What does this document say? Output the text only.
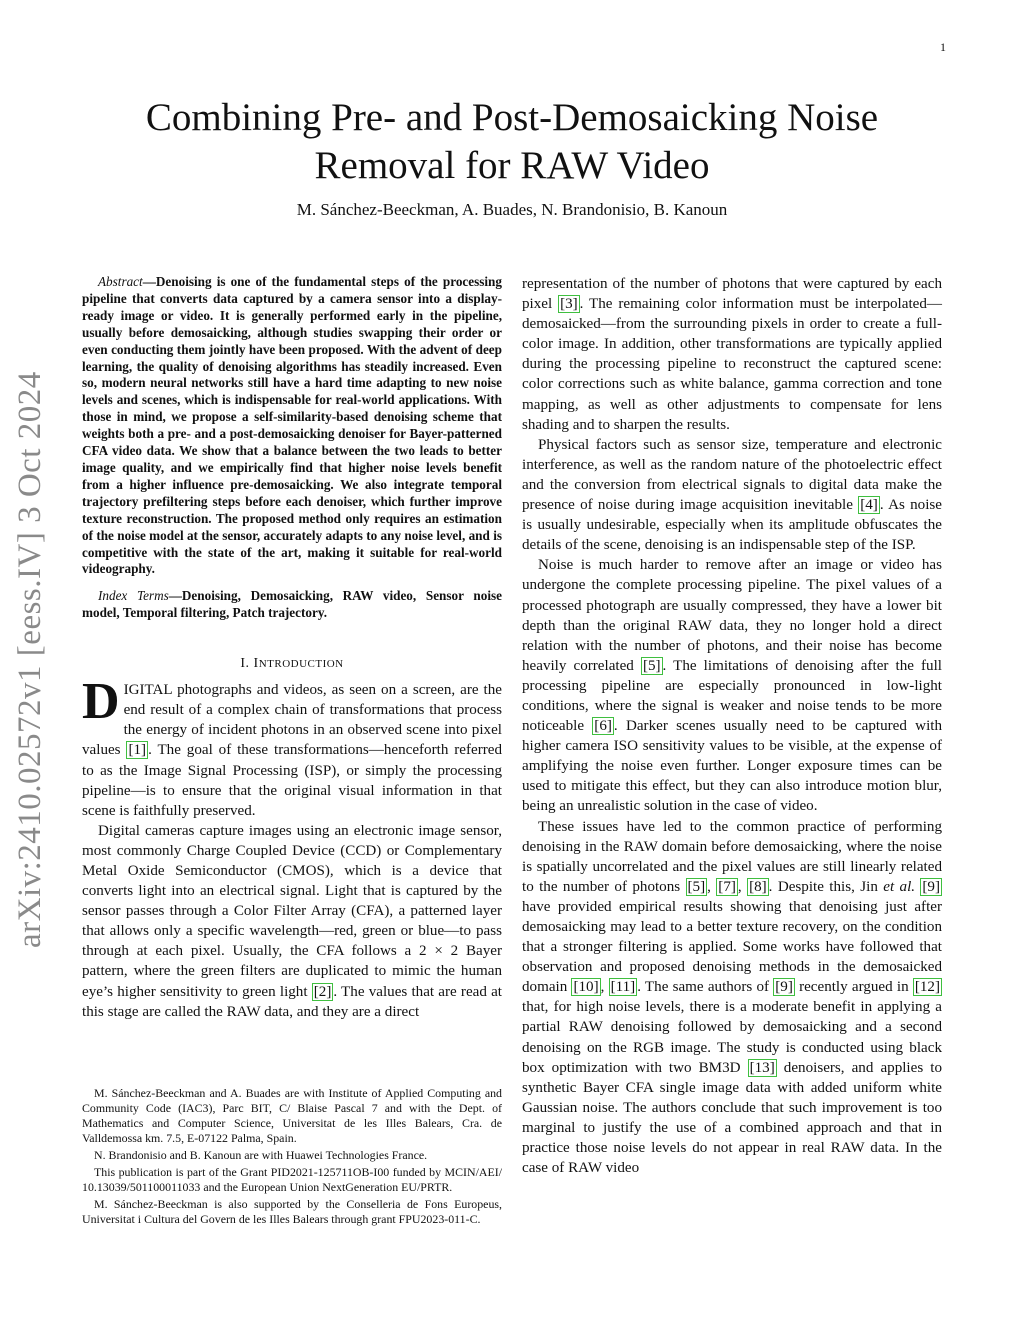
1
arXiv:2410.02572v1 [eess.IV] 3 Oct 2024
Combining Pre- and Post-Demosaicking Noise
Removal for RAW Video
M. Sánchez-Beeckman, A. Buades, N. Brandonisio, B. Kanoun

Abstract—Denoising is one of the fundamental steps of the processing pipeline that converts data captured by a camera sensor into a display-ready image or video. It is generally performed early in the pipeline, usually before demosaicking, although studies swapping their order or even conducting them jointly have been proposed. With the advent of deep learning, the quality of denoising algorithms has steadily increased. Even so, modern neural networks still have a hard time adapting to new noise levels and scenes, which is indispensable for real-world applications. With those in mind, we propose a self-similarity-based denoising scheme that weights both a pre- and a post-demosaicking denoiser for Bayer-patterned CFA video data. We show that a balance between the two leads to better image quality, and we empirically find that higher noise levels benefit from a higher influence pre-demosaicking. We also integrate temporal trajectory prefiltering steps before each denoiser, which further improve texture reconstruction. The proposed method only requires an estimation of the noise model at the sensor, accurately adapts to any noise level, and is competitive with the state of the art, making it suitable for real-world videography.

Index Terms—Denoising, Demosaicking, RAW video, Sensor noise model, Temporal filtering, Patch trajectory.

I. INTRODUCTION

DIGITAL photographs and videos, as seen on a screen, are the end result of a complex chain of transformations that process the energy of incident photons in an observed scene into pixel values [1] . The goal of these transformations—henceforth referred to as the Image Signal Processing (ISP), or simply the processing pipeline—is to ensure that the original visual information in that scene is faithfully preserved.

Digital cameras capture images using an electronic image sensor, most commonly Charge Coupled Device (CCD) or Complementary Metal Oxide Semiconductor (CMOS), which is a device that converts light into an electrical signal. Light that is captured by the sensor passes through a Color Filter Array (CFA), a patterned layer that allows only a specific wavelength—red, green or blue—to pass through at each pixel. Usually, the CFA follows a 2 × 2 Bayer pattern, where the green filters are duplicated to mimic the human eye’s higher sensitivity to green light [2] . The values that are read at this stage are called the RAW data, and they are a direct

M. Sánchez-Beeckman and A. Buades are with Institute of Applied Computing and Community Code (IAC3), Parc BIT, C/ Blaise Pascal 7 and with the Dept. of Mathematics and Computer Science, Universitat de les Illes Balears, Cra. de Valldemossa km. 7.5, E-07122 Palma, Spain.

N. Brandonisio and B. Kanoun are with Huawei Technologies France.

This publication is part of the Grant PID2021-125711OB-I00 funded by MCIN/AEI/ 10.13039/501100011033 and the European Union NextGeneration EU/PRTR.

M. Sánchez-Beeckman is also supported by the Conselleria de Fons Europeus, Universitat i Cultura del Govern de les Illes Balears through grant FPU2023-011-C.

representation of the number of photons that were captured by each pixel [3] . The remaining color information must be interpolated—demosaicked—from the surrounding pixels in order to create a full-color image. In addition, other transformations are typically applied during the processing pipeline to reconstruct the captured scene: color corrections such as white balance, gamma correction and tone mapping, as well as other adjustments to compensate for lens shading and to sharpen the results.

Physical factors such as sensor size, temperature and electronic interference, as well as the random nature of the photoelectric effect and the conversion from electrical signals to digital data make the presence of noise during image acquisition inevitable [4] . As noise is usually undesirable, especially when its amplitude obfuscates the details of the scene, denoising is an indispensable step of the ISP.

Noise is much harder to remove after an image or video has undergone the complete processing pipeline. The pixel values of a processed photograph are usually compressed, they have a lower bit depth than the original RAW data, they no longer hold a direct relation with the number of photons, and their noise has become heavily correlated [5] . The limitations of denoising after the full processing pipeline are especially pronounced in low-light conditions, where the signal is weaker and noise tends to be more noticeable [6] . Darker scenes usually need to be captured with higher camera ISO sensitivity values to be visible, at the expense of amplifying the noise even further. Longer exposure times can be used to mitigate this effect, but they can also introduce motion blur, being an unrealistic solution in the case of video.

These issues have led to the common practice of performing denoising in the RAW domain before demosaicking, where the noise is spatially uncorrelated and the pixel values are still linearly related to the number of photons [5] , [7] , [8] . Despite this, Jin et al. [9] have provided empirical results showing that denoising just after demosaicking may lead to a better texture recovery, on the condition that a stronger filtering is applied. Some works have followed that observation and proposed denoising methods in the demosaicked domain [10] , [11] . The same authors of [9] recently argued in [12] that, for high noise levels, there is a moderate benefit in applying a partial RAW denoising followed by demosaicking and a second denoising on the RGB image. The study is conducted using black box optimization with two BM3D [13] denoisers, and applies to synthetic Bayer CFA single image data with added uniform white Gaussian noise. The authors conclude that such improvement is too marginal to justify the use of a combined approach and that in practice those noise levels do not appear in real RAW data. In the case of RAW video
